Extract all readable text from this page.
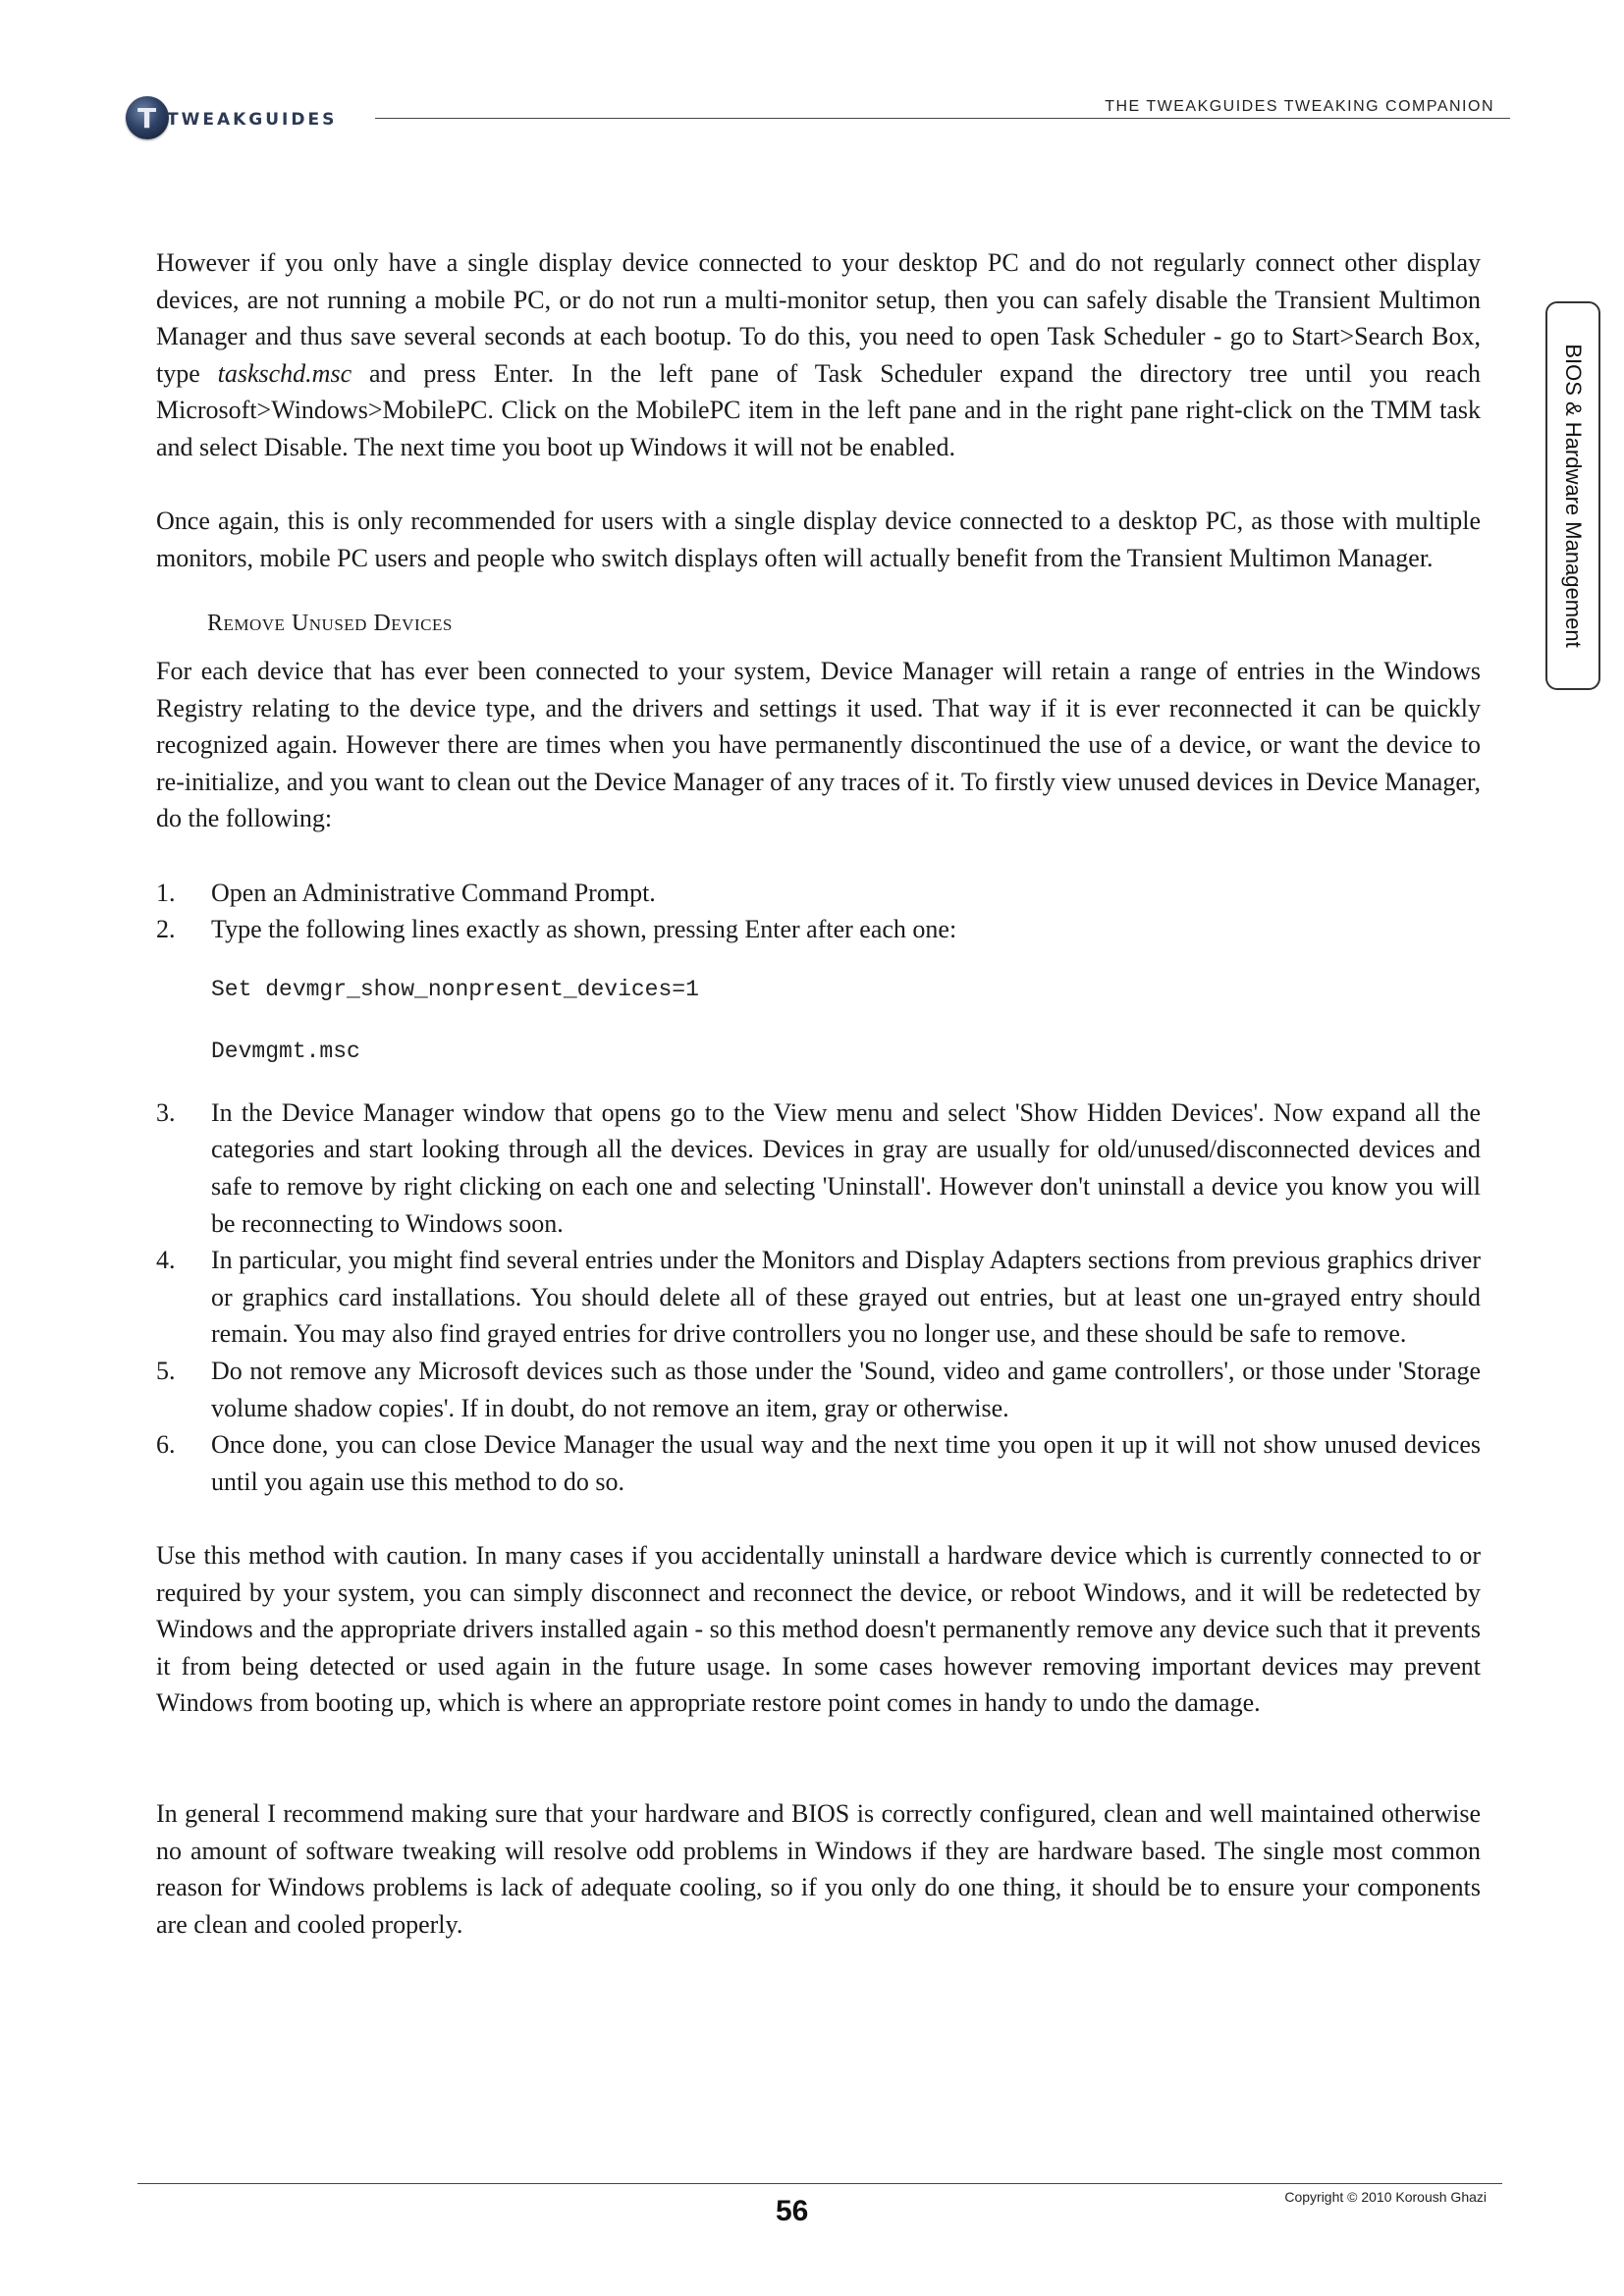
T TWEAKGUIDES
THE TWEAKGUIDES TWEAKING COMPANION
BIOS & Hardware Management

However if you only have a single display device connected to your desktop PC and do not regularly connect other display devices, are not running a mobile PC, or do not run a multi-monitor setup, then you can safely disable the Transient Multimon Manager and thus save several seconds at each bootup. To do this, you need to open Task Scheduler - go to Start>Search Box, type taskschd.msc and press Enter. In the left pane of Task Scheduler expand the directory tree until you reach Microsoft>Windows>MobilePC. Click on the MobilePC item in the left pane and in the right pane right-click on the TMM task and select Disable. The next time you boot up Windows it will not be enabled.

Once again, this is only recommended for users with a single display device connected to a desktop PC, as those with multiple monitors, mobile PC users and people who switch displays often will actually benefit from the Transient Multimon Manager.

Remove Unused Devices

For each device that has ever been connected to your system, Device Manager will retain a range of entries in the Windows Registry relating to the device type, and the drivers and settings it used. That way if it is ever reconnected it can be quickly recognized again. However there are times when you have permanently discontinued the use of a device, or want the device to re-initialize, and you want to clean out the Device Manager of any traces of it. To firstly view unused devices in Device Manager, do the following:

1. Open an Administrative Command Prompt.
2. Type the following lines exactly as shown, pressing Enter after each one:

Set devmgr_show_nonpresent_devices=1

Devmgmt.msc

3. In the Device Manager window that opens go to the View menu and select 'Show Hidden Devices'. Now expand all the categories and start looking through all the devices. Devices in gray are usually for old/unused/disconnected devices and safe to remove by right clicking on each one and selecting 'Uninstall'. However don't uninstall a device you know you will be reconnecting to Windows soon.
4. In particular, you might find several entries under the Monitors and Display Adapters sections from previous graphics driver or graphics card installations. You should delete all of these grayed out entries, but at least one un-grayed entry should remain. You may also find grayed entries for drive controllers you no longer use, and these should be safe to remove.
5. Do not remove any Microsoft devices such as those under the 'Sound, video and game controllers', or those under 'Storage volume shadow copies'. If in doubt, do not remove an item, gray or otherwise.
6. Once done, you can close Device Manager the usual way and the next time you open it up it will not show unused devices until you again use this method to do so.

Use this method with caution. In many cases if you accidentally uninstall a hardware device which is currently connected to or required by your system, you can simply disconnect and reconnect the device, or reboot Windows, and it will be redetected by Windows and the appropriate drivers installed again - so this method doesn't permanently remove any device such that it prevents it from being detected or used again in the future usage. In some cases however removing important devices may prevent Windows from booting up, which is where an appropriate restore point comes in handy to undo the damage.

In general I recommend making sure that your hardware and BIOS is correctly configured, clean and well maintained otherwise no amount of software tweaking will resolve odd problems in Windows if they are hardware based. The single most common reason for Windows problems is lack of adequate cooling, so if you only do one thing, it should be to ensure your components are clean and cooled properly.

Copyright © 2010 Koroush Ghazi
56
